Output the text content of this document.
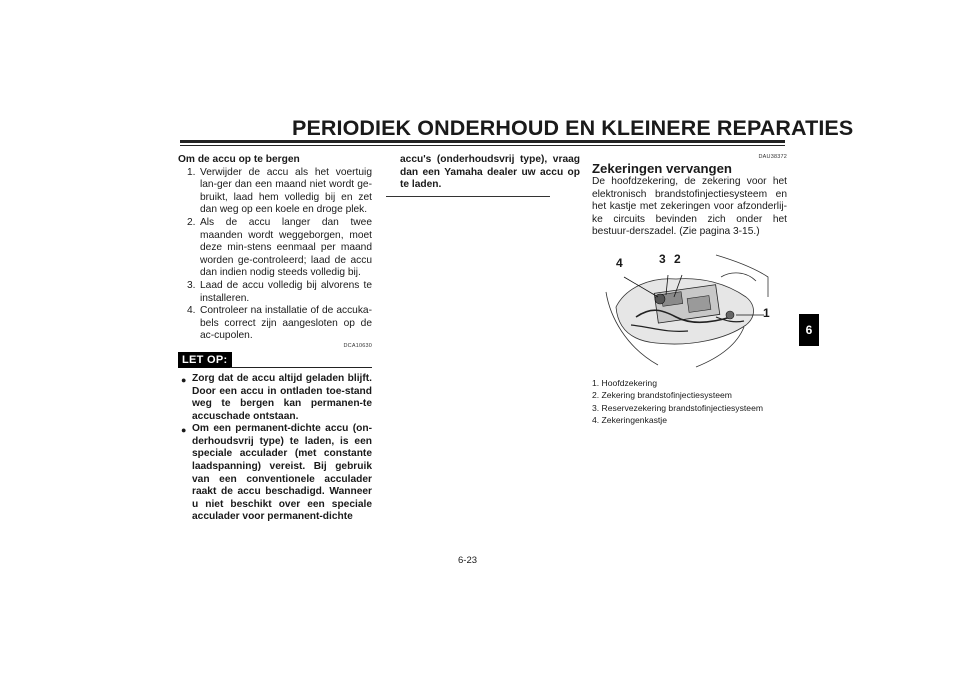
PERIODIEK ONDERHOUD EN KLEINERE REPARATIES
Om de accu op te bergen
1. Verwijder de accu als het voertuig lan-ger dan een maand niet wordt ge-bruikt, laad hem volledig bij en zet dan weg op een koele en droge plek.
2. Als de accu langer dan twee maanden wordt weggeborgen, moet deze min-stens eenmaal per maand worden ge-controleerd; laad de accu dan indien nodig steeds volledig bij.
3. Laad de accu volledig bij alvorens te installeren.
4. Controleer na installatie of de accuka-bels correct zijn aangesloten op de ac-cupolen.
DCA10630
LET OP:
● Zorg dat de accu altijd geladen blijft. Door een accu in ontladen toe-stand weg te bergen kan permanen-te accuschade ontstaan.
● Om een permanent-dichte accu (on-derhoudsvrij type) te laden, is een speciale acculader (met constante laadspanning) vereist. Bij gebruik van een conventionele acculader raakt de accu beschadigd. Wanneer u niet beschikt over een speciale acculader voor permanent-dichte
accu's (onderhoudsvrij type), vraag dan een Yamaha dealer uw accu op te laden.
DAU38372
Zekeringen vervangen
De hoofdzekering, de zekering voor het elektronisch brandstofinjectiesysteem en het kastje met zekeringen voor afzonderlij-ke circuits bevinden zich onder het bestuur-derszadel. (Zie pagina 3-15.)
4	3 2
1
1. Hoofdzekering
2. Zekering brandstofinjectiesysteem
3. Reservezekering brandstofinjectiesysteem
4. Zekeringenkastje
6
6-23
